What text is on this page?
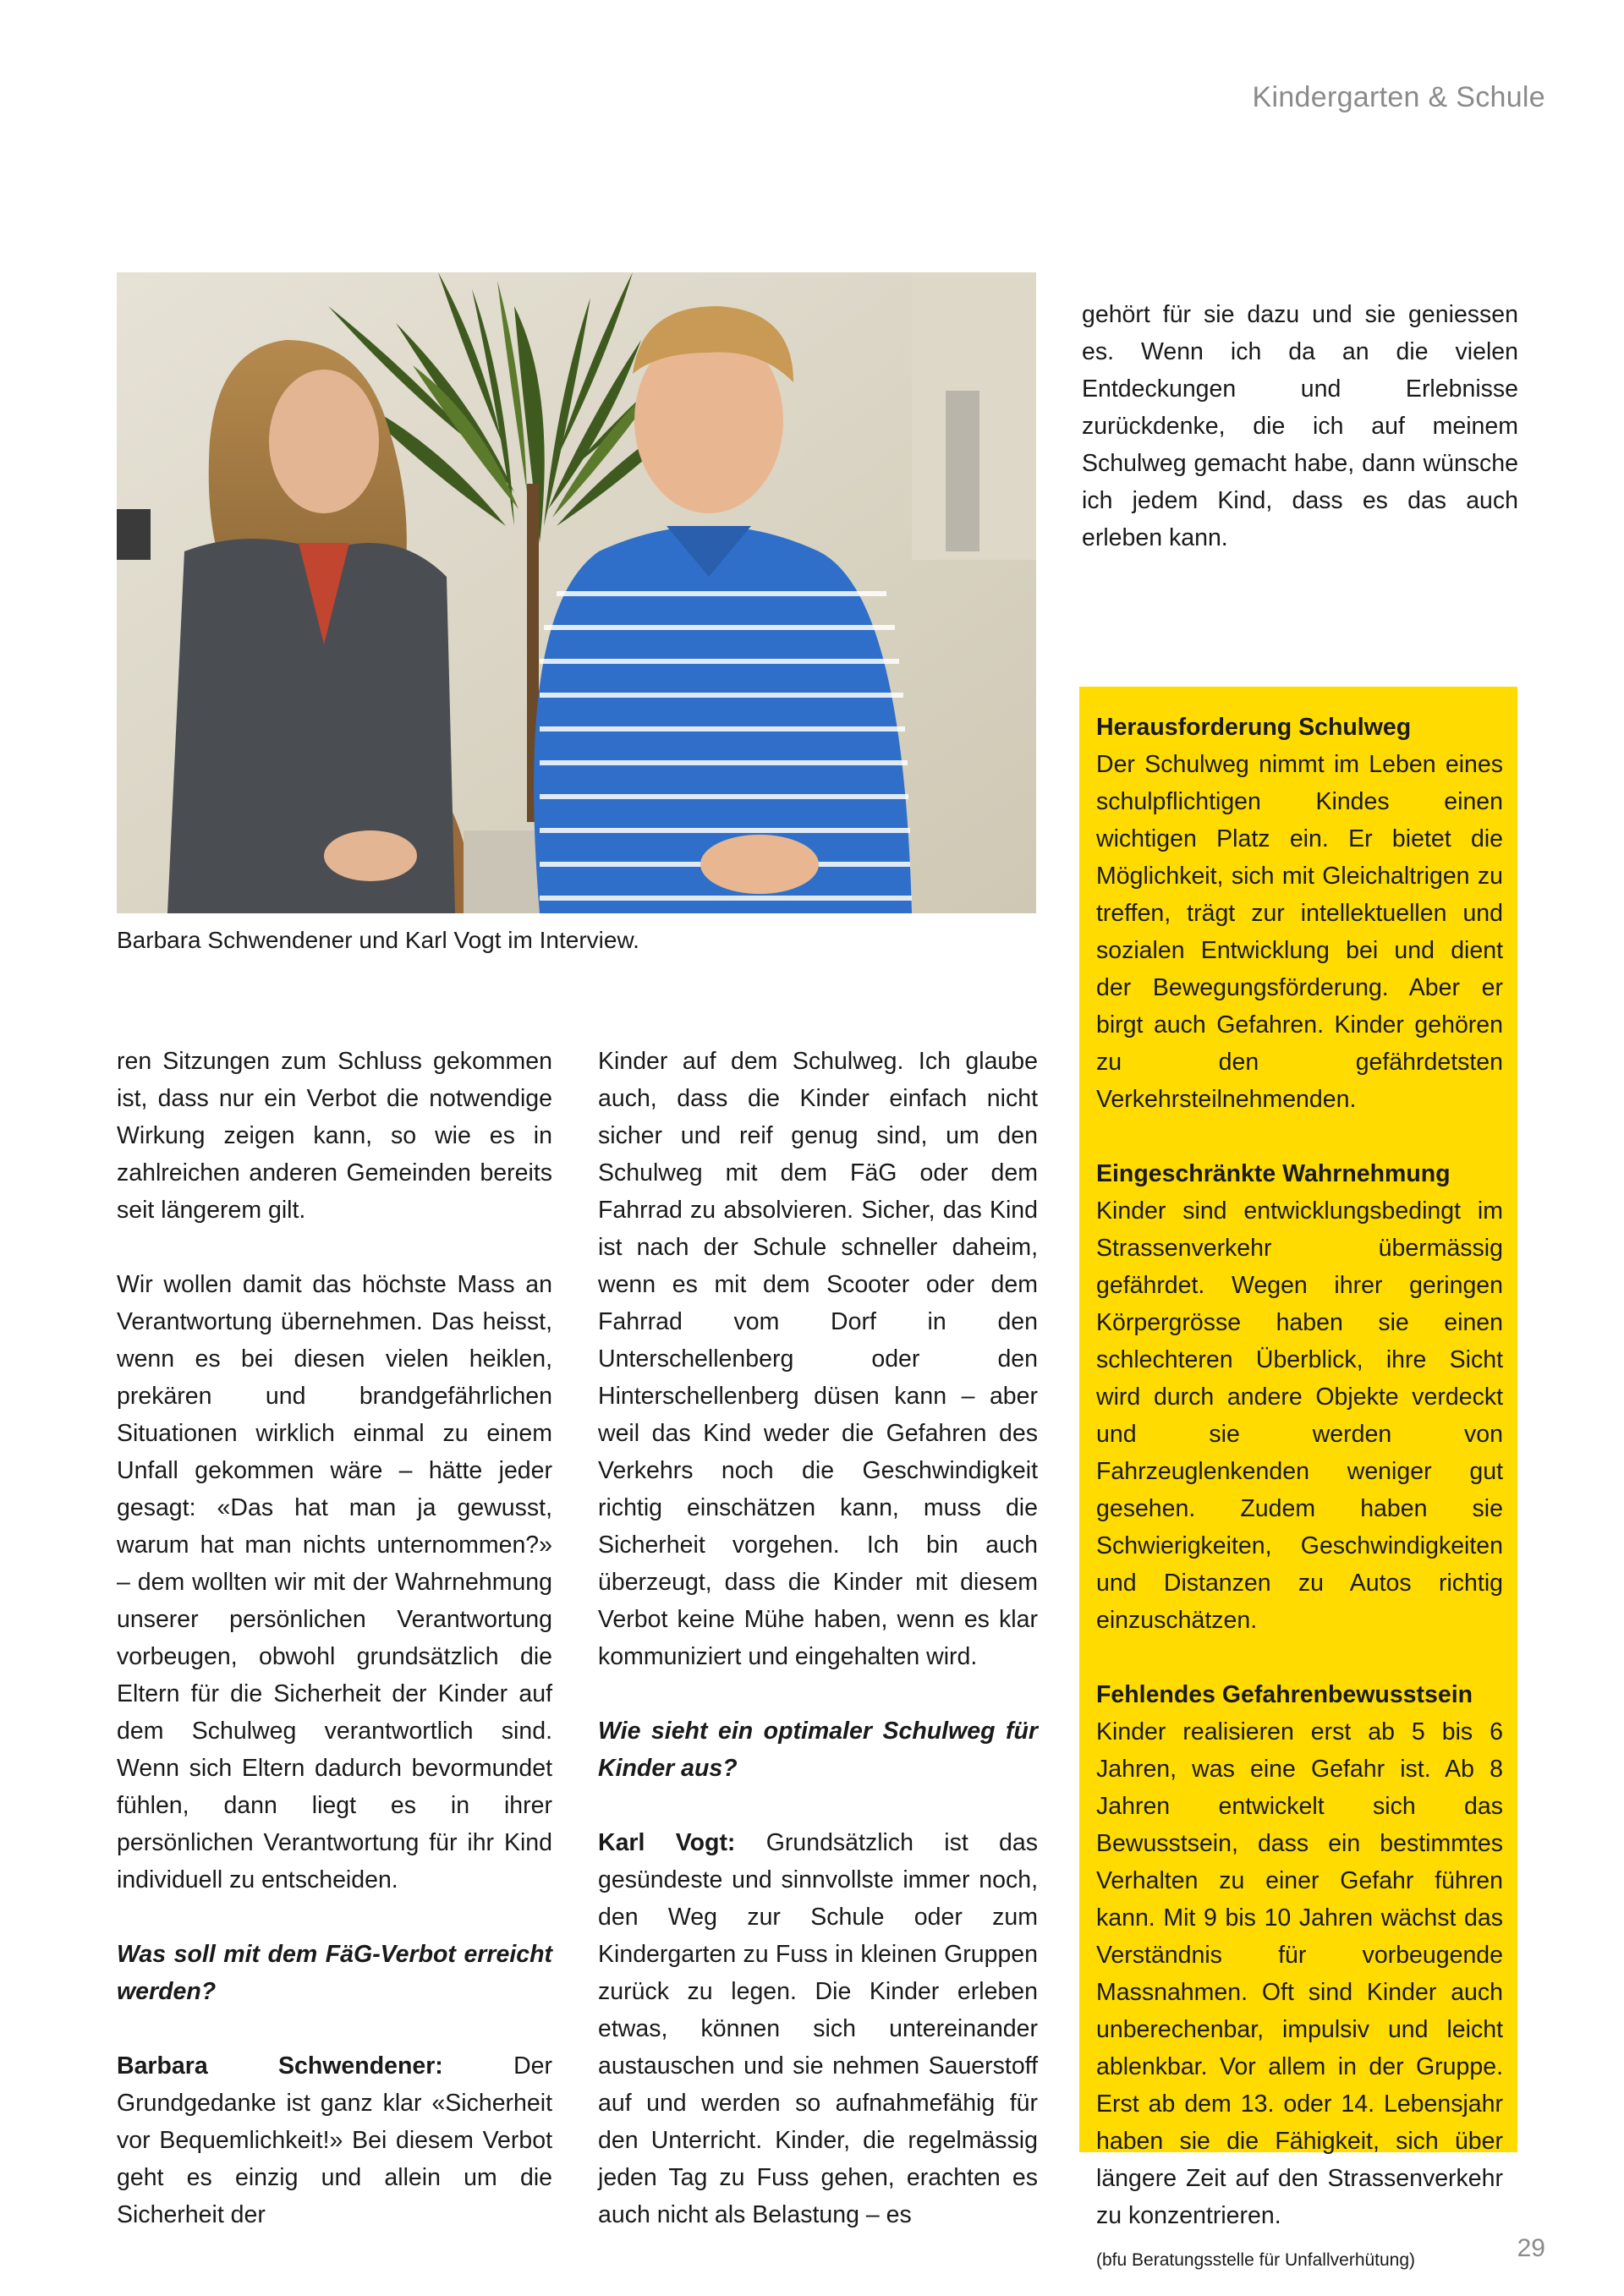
Kindergarten & Schule
Barbara Schwendener und Karl Vogt im Interview.

ren Sitzungen zum Schluss gekommen ist, dass nur ein Verbot die notwendige Wirkung zeigen kann, so wie es in zahlreichen anderen Gemeinden bereits seit längerem gilt.

Wir wollen damit das höchste Mass an Verantwortung übernehmen. Das heisst, wenn es bei diesen vielen heiklen, prekären und brandgefährlichen Situationen wirklich einmal zu einem Unfall gekommen wäre – hätte jeder gesagt: «Das hat man ja gewusst, warum hat man nichts unternommen?» – dem wollten wir mit der Wahrnehmung unserer persönlichen Verantwortung vorbeugen, obwohl grundsätzlich die Eltern für die Sicherheit der Kinder auf dem Schulweg verantwortlich sind. Wenn sich Eltern dadurch bevormundet fühlen, dann liegt es in ihrer persönlichen Verantwortung für ihr Kind individuell zu entscheiden.

Was soll mit dem FäG-Verbot erreicht werden?

Barbara Schwendener: Der Grundgedanke ist ganz klar «Sicherheit vor Bequemlichkeit!» Bei diesem Verbot geht es einzig und allein um die Sicherheit der

Kinder auf dem Schulweg. Ich glaube auch, dass die Kinder einfach nicht sicher und reif genug sind, um den Schulweg mit dem FäG oder dem Fahrrad zu absolvieren. Sicher, das Kind ist nach der Schule schneller daheim, wenn es mit dem Scooter oder dem Fahrrad vom Dorf in den Unterschellenberg oder den Hinterschellenberg düsen kann – aber weil das Kind weder die Gefahren des Verkehrs noch die Geschwindigkeit richtig einschätzen kann, muss die Sicherheit vorgehen. Ich bin auch überzeugt, dass die Kinder mit diesem Verbot keine Mühe haben, wenn es klar kommuniziert und eingehalten wird.

Wie sieht ein optimaler Schulweg für Kinder aus?

Karl Vogt: Grundsätzlich ist das gesündeste und sinnvollste immer noch, den Weg zur Schule oder zum Kindergarten zu Fuss in kleinen Gruppen zurück zu legen. Die Kinder erleben etwas, können sich untereinander austauschen und sie nehmen Sauerstoff auf und werden so aufnahmefähig für den Unterricht. Kinder, die regelmässig jeden Tag zu Fuss gehen, erachten es auch nicht als Belastung – es

gehört für sie dazu und sie geniessen es. Wenn ich da an die vielen Entdeckungen und Erlebnisse zurückdenke, die ich auf meinem Schulweg gemacht habe, dann wünsche ich jedem Kind, dass es das auch erleben kann.

Herausforderung Schulweg

Der Schulweg nimmt im Leben eines schulpflichtigen Kindes einen wichtigen Platz ein. Er bietet die Möglichkeit, sich mit Gleichaltrigen zu treffen, trägt zur intellektuellen und sozialen Entwicklung bei und dient der Bewegungsförderung. Aber er birgt auch Gefahren. Kinder gehören zu den gefährdetsten Verkehrsteilnehmenden.

Eingeschränkte Wahrnehmung

Kinder sind entwicklungsbedingt im Strassenverkehr übermässig gefährdet. Wegen ihrer geringen Körpergrösse haben sie einen schlechteren Überblick, ihre Sicht wird durch andere Objekte verdeckt und sie werden von Fahrzeuglenkenden weniger gut gesehen. Zudem haben sie Schwierigkeiten, Geschwindigkeiten und Distanzen zu Autos richtig einzuschätzen.

Fehlendes Gefahrenbewusstsein

Kinder realisieren erst ab 5 bis 6 Jahren, was eine Gefahr ist. Ab 8 Jahren entwickelt sich das Bewusstsein, dass ein bestimmtes Verhalten zu einer Gefahr führen kann. Mit 9 bis 10 Jahren wächst das Verständnis für vorbeugende Massnahmen. Oft sind Kinder auch unberechenbar, impulsiv und leicht ablenkbar. Vor allem in der Gruppe. Erst ab dem 13. oder 14. Lebensjahr haben sie die Fähigkeit, sich über längere Zeit auf den Strassenverkehr zu konzentrieren.

(bfu Beratungsstelle für Unfallverhütung)	29
